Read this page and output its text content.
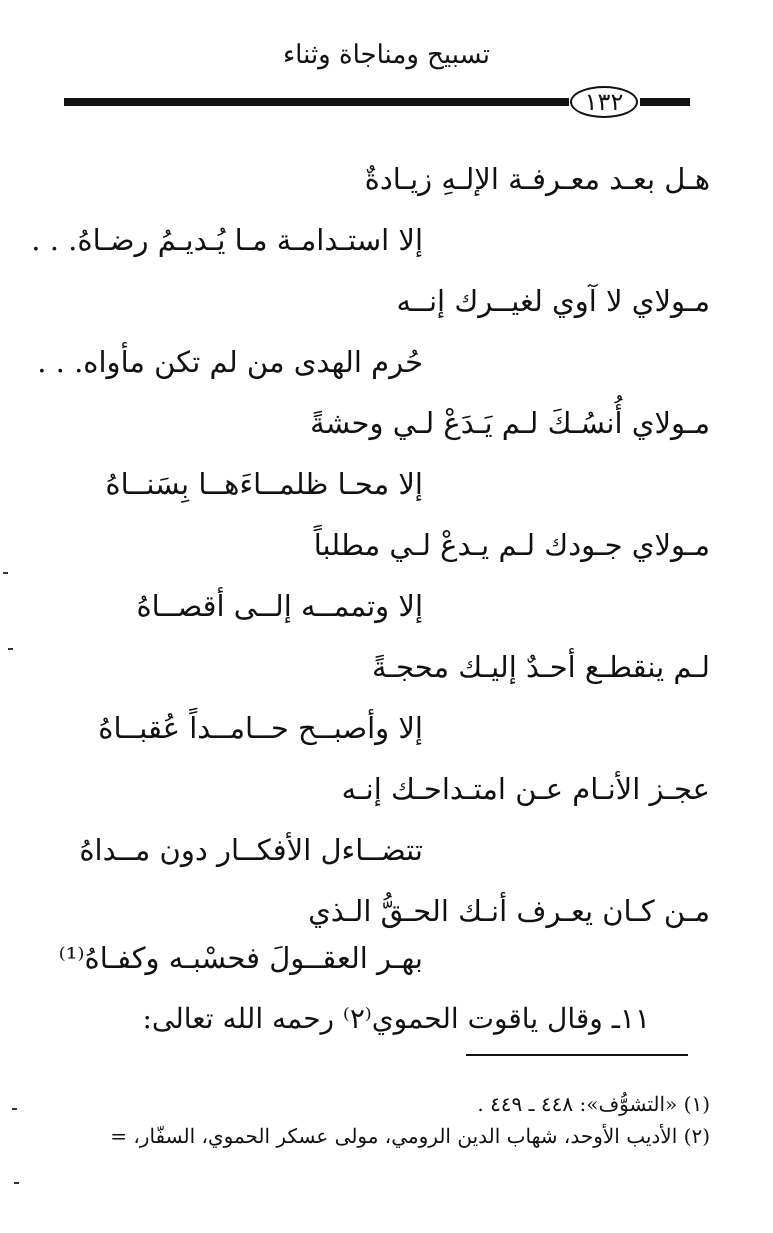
تسبيح ومناجاة وثناء
١٣٢
هـل بعـد معـرفـة الإلـهِ زيـادةٌ
إلا استـدامـة مـا يُـديـمُ رضـاهُ. . .
مـولاي لا آوي لغيــرك إنــه
حُرم الهدى من لم تكن مأواه. . .
مـولاي أُنسُـكَ لـم يَـدَعْ لـي وحشةً
إلا محـا ظلمــاءَهــا بِسَنــاهُ
مـولاي جـودك لـم يـدعْ لـي مطلباً
إلا وتممــه إلــى أقصــاهُ
لـم ينقطـع أحـدٌ إليـك محجـةً
إلا وأصبــح حــامــداً عُقبــاهُ
عجـز الأنـام عـن امتـداحـك إنـه
تتضــاءل الأفكــار دون مــداهُ
مـن كـان يعـرف أنـك الحـقُّ الـذي
بهـر العقــولَ فحسْبـه وكفـاهُ⁽¹⁾
١١ـ وقال ياقوت الحموي⁽٢⁾ رحمه الله تعالى:
(١) «التشوُّف»: ٤٤٨ ـ ٤٤٩ .
(٢) الأديب الأوحد، شهاب الدين الرومي، مولى عسكر الحموي، السفّار، =
